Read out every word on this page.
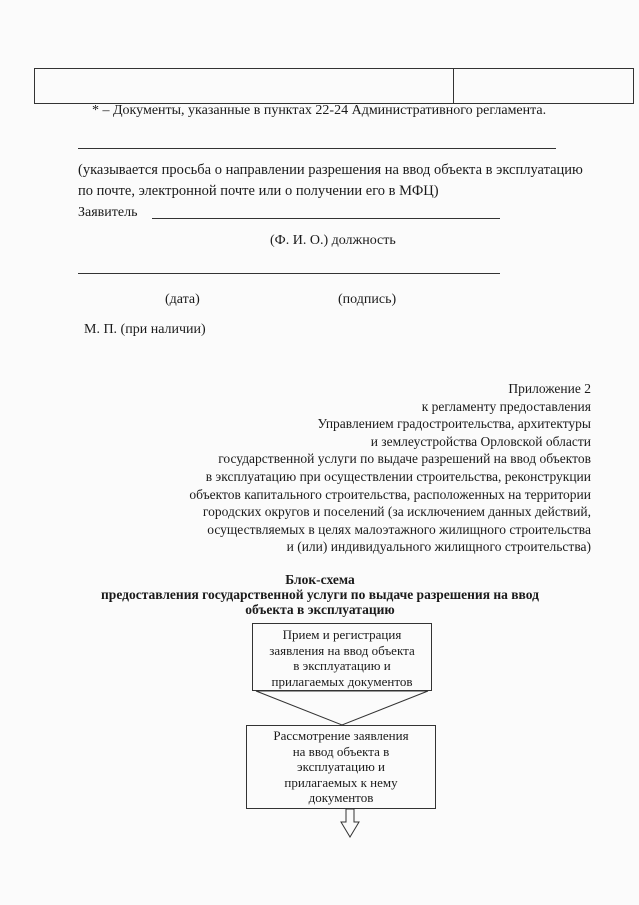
* – Документы, указанные в пунктах 22-24 Административного регламента.
(указывается просьба о направлении разрешения на ввод объекта в эксплуатацию
по почте, электронной почте или о получении его в МФЦ)
Заявитель
(Ф. И. О.) должность
(дата)	(подпись)
М. П. (при наличии)
Приложение 2
к регламенту предоставления
Управлением градостроительства, архитектуры
и землеустройства Орловской области
государственной услуги по выдаче разрешений на ввод объектов
в эксплуатацию при осуществлении строительства, реконструкции
объектов капитального строительства, расположенных на территории
городских округов и поселений (за исключением данных действий,
осуществляемых в целях малоэтажного жилищного строительства
и (или) индивидуального жилищного строительства)
Блок-схема
предоставления государственной услуги по выдаче разрешения на ввод
объекта в эксплуатацию
Прием и регистрация
заявления на ввод объекта
в эксплуатацию и
прилагаемых документов
Рассмотрение заявления
на ввод объекта в
эксплуатацию и
прилагаемых к нему
документов
